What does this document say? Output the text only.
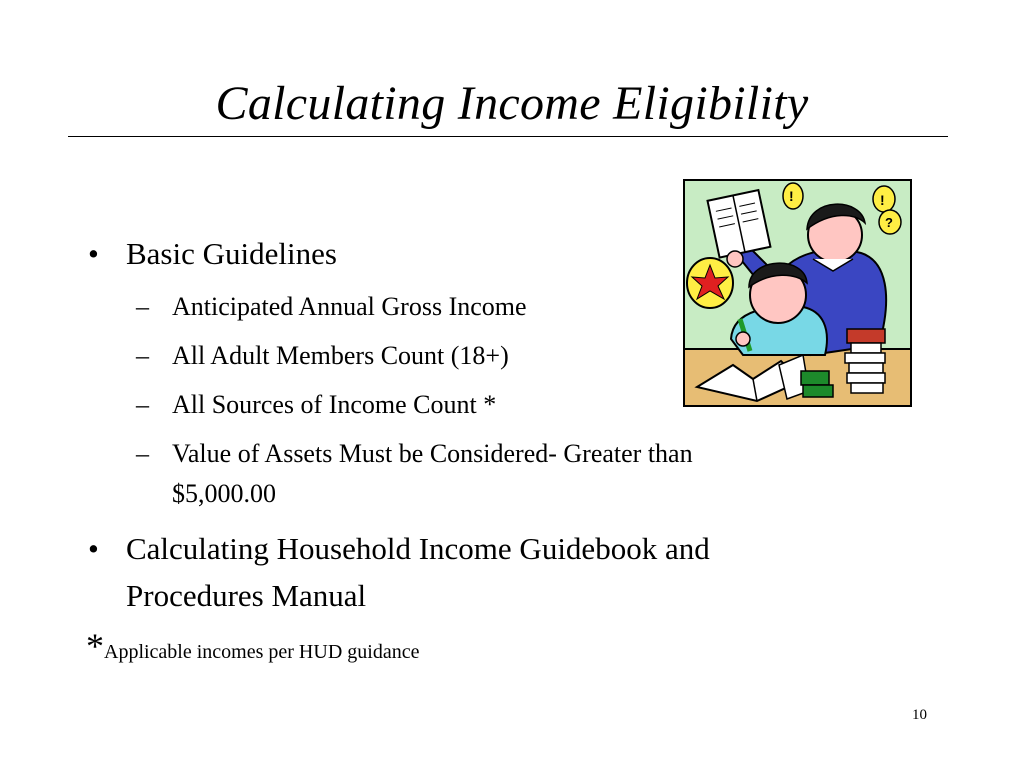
Calculating Income Eligibility
• Basic Guidelines
– Anticipated Annual Gross Income
– All Adult Members Count (18+)
– All Sources of Income Count *
– Value of Assets Must be Considered- Greater than
$5,000.00
• Calculating Household Income Guidebook and
Procedures Manual
*Applicable incomes per HUD guidance
10
!	!
?
